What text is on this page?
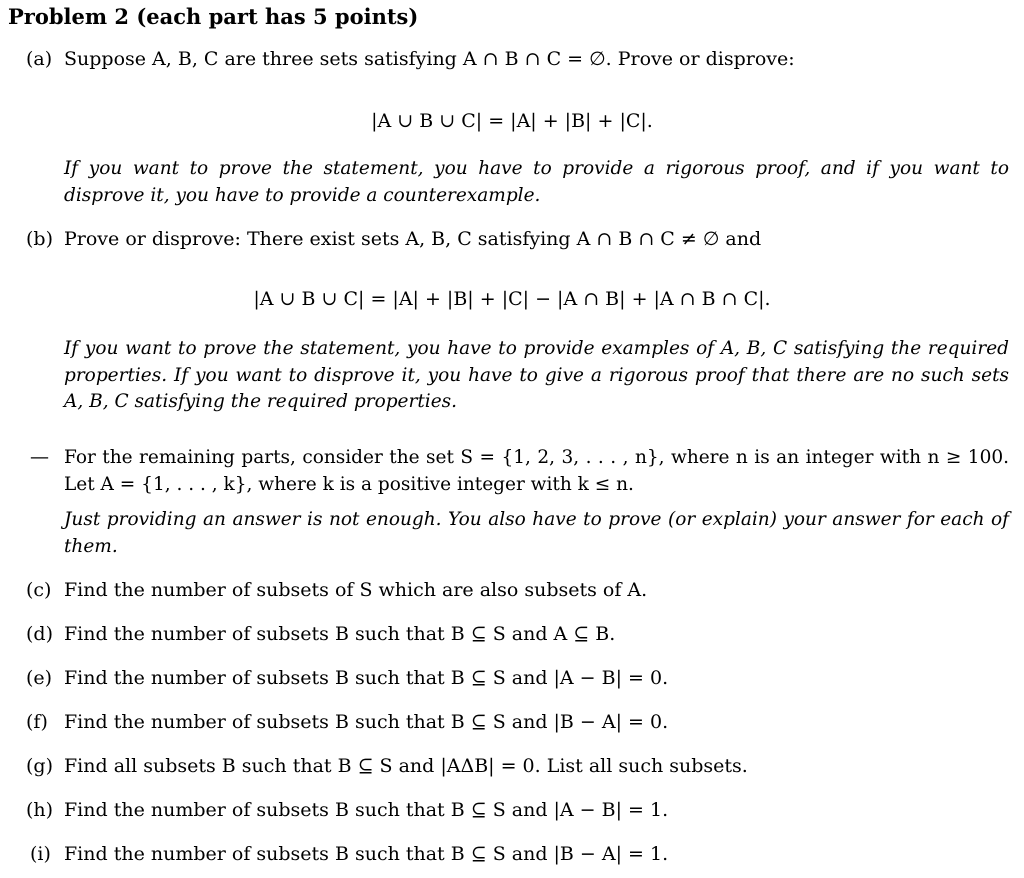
Problem 2 (each part has 5 points)
(a) Suppose A, B, C are three sets satisfying A ∩ B ∩ C = ∅. Prove or disprove:
|A ∪ B ∪ C| = |A| + |B| + |C|.
If you want to prove the statement, you have to provide a rigorous proof, and if you want to disprove it, you have to provide a counterexample.
(b) Prove or disprove: There exist sets A, B, C satisfying A ∩ B ∩ C ≠ ∅ and
|A ∪ B ∪ C| = |A| + |B| + |C| − |A ∩ B| + |A ∩ B ∩ C|.
If you want to prove the statement, you have to provide examples of A, B, C satisfying the required properties. If you want to disprove it, you have to give a rigorous proof that there are no such sets A, B, C satisfying the required properties.
— For the remaining parts, consider the set S = {1, 2, 3, . . . , n}, where n is an integer with n ≥ 100. Let A = {1, . . . , k}, where k is a positive integer with k ≤ n.
Just providing an answer is not enough. You also have to prove (or explain) your answer for each of them.
(c) Find the number of subsets of S which are also subsets of A.
(d) Find the number of subsets B such that B ⊆ S and A ⊆ B.
(e) Find the number of subsets B such that B ⊆ S and |A − B| = 0.
(f) Find the number of subsets B such that B ⊆ S and |B − A| = 0.
(g) Find all subsets B such that B ⊆ S and |AΔB| = 0. List all such subsets.
(h) Find the number of subsets B such that B ⊆ S and |A − B| = 1.
(i) Find the number of subsets B such that B ⊆ S and |B − A| = 1.
